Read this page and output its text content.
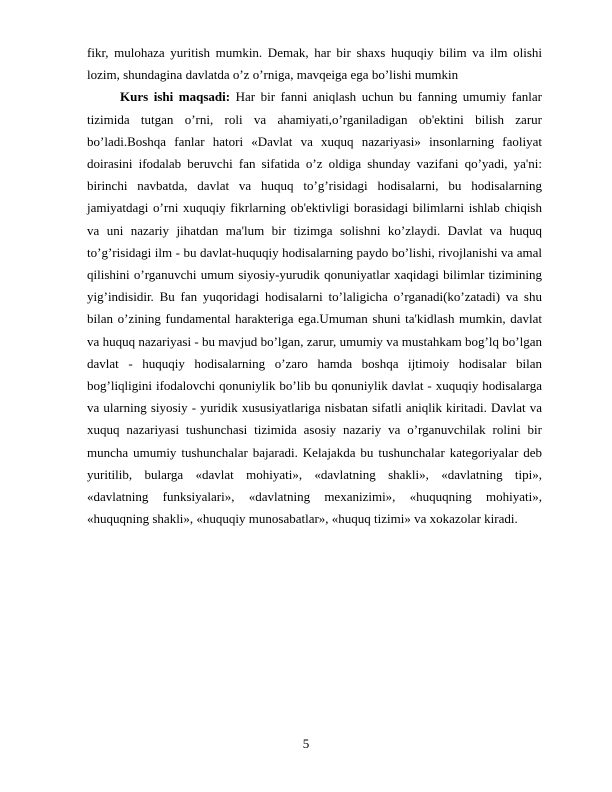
fikr, mulohaza yuritish mumkin. Demak, har bir shaxs huquqiy bilim va ilm olishi lozim, shundagina davlatda o’z o’rniga, mavqeiga ega bo’lishi mumkin

Kurs ishi maqsadi: Har bir fanni aniqlash uchun bu fanning umumiy fanlar tizimida tutgan o’rni, roli va ahamiyati,o’rganiladigan ob'ektini bilish zarur bo’ladi.Boshqa fanlar hatori «Davlat va xuquq nazariyasi» insonlarning faoliyat doirasini ifodalab beruvchi fan sifatida o’z oldiga shunday vazifani qo’yadi, ya'ni: birinchi navbatda, davlat va huquq to’g’risidagi hodisalarni, bu hodisalarning jamiyatdagi o’rni xuquqiy fikrlarning ob'ektivligi borasidagi bilimlarni ishlab chiqish va uni nazariy jihatdan ma'lum bir tizimga solishni ko’zlaydi. Davlat va huquq to’g’risidagi ilm - bu davlat-huquqiy hodisalarning paydo bo’lishi, rivojlanishi va amal qilishini o’rganuvchi umum siyosiy-yurudik qonuniyatlar xaqidagi bilimlar tizimining yig’indisidir. Bu fan yuqoridagi hodisalarni to’laligicha o’rganadi(ko’zatadi) va shu bilan o’zining fundamental harakteriga ega.Umuman shuni ta'kidlash mumkin, davlat va huquq nazariyasi - bu mavjud bo’lgan, zarur, umumiy va mustahkam bog’lq bo’lgan davlat - huquqiy hodisalarning o’zaro hamda boshqa ijtimoiy hodisalar bilan bog’liqligini ifodalovchi qonuniylik bo’lib bu qonuniylik davlat - xuquqiy hodisalarga va ularning siyosiy - yuridik xususiyatlariga nisbatan sifatli aniqlik kiritadi. Davlat va xuquq nazariyasi tushunchasi tizimida asosiy nazariy va o’rganuvchilak rolini bir muncha umumiy tushunchalar bajaradi. Kelajakda bu tushunchalar kategoriyalar deb yuritilib, bularga «davlat mohiyati», «davlatning shakli», «davlatning tipi», «davlatning funksiyalari», «davlatning mexanizimi», «huquqning mohiyati», «huquqning shakli», «huquqiy munosabatlar», «huquq tizimi» va xokazolar kiradi.

5
